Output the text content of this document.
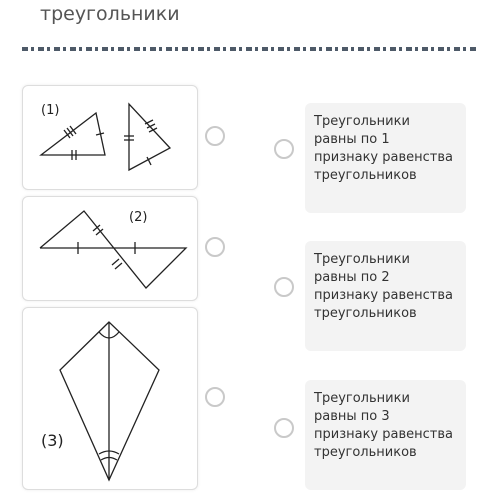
треугольники
(1)
(2)
(3)
Треугольники равны по 1 признаку равенства треугольников
Треугольники равны по 2 признаку равенства треугольников
Треугольники равны по 3 признаку равенства треугольников
